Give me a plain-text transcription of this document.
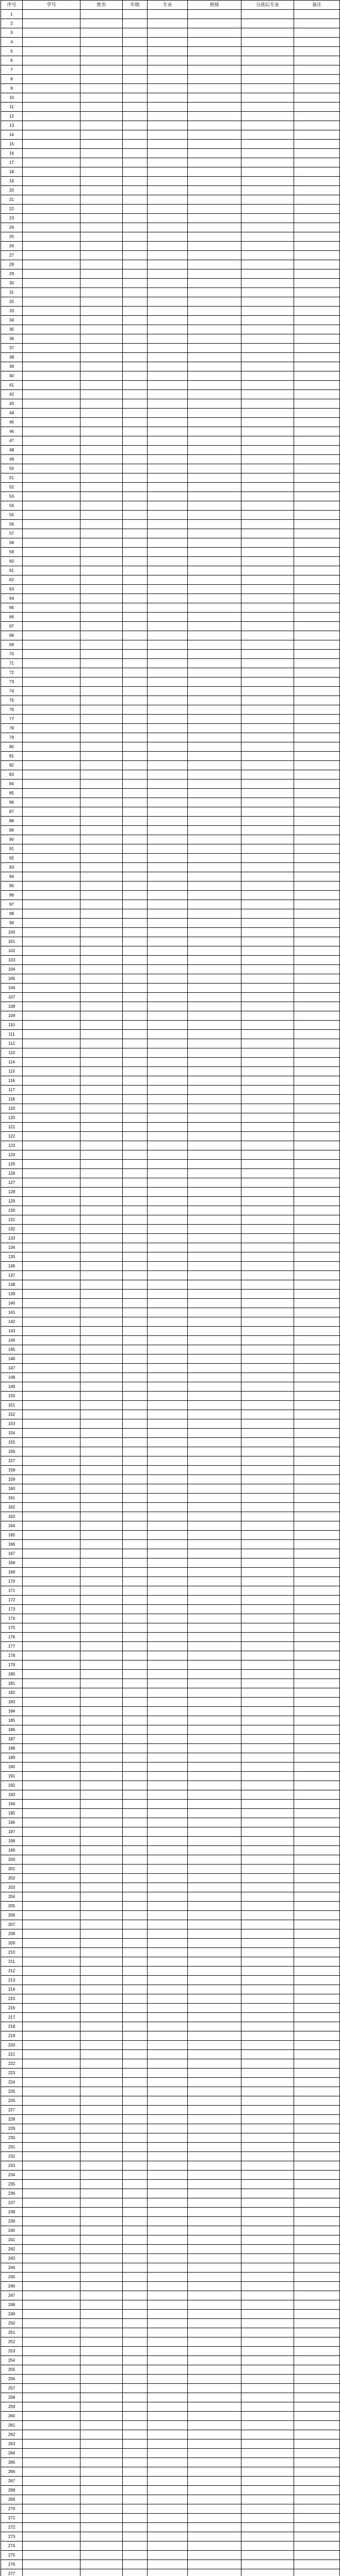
序号	学号	姓名	年级	专业	班级	分流后专业	备注
1							
2							
3							
4							
5							
6							
7							
8							
9							
10							
11							
12							
13							
14							
15							
16							
17							
18							
19							
20							
21							
22							
23							
24							
25							
26							
27							
28							
29							
30							
31							
32							
33							
34							
35							
36							
37							
38							
39							
40							
41							
42							
43							
44							
45							
46							
47							
48							
49							
50							
51							
52							
53							
54							
55							
56							
57							
58							
59							
60							
61							
62							
63							
64							
65							
66							
67							
68							
69							
70							
71							
72							
73							
74							
75							
76							
77							
78							
79							
80							
81							
82							
83							
84							
85							
86							
87							
88							
89							
90							
91							
92							
93							
94							
95							
96							
97							
98							
99							
100							
101							
102							
103							
104							
105							
106							
107							
108							
109							
110							
111							
112							
113							
114							
115							
116							
117							
118							
119							
120							
121							
122							
123							
124							
125							
126							
127							
128							
129							
130							
131							
132							
133							
134							
135							
136							
137							
138							
139							
140							
141							
142							
143							
144							
145							
146							
147							
148							
149							
150							
151							
152							
153							
154							
155							
156							
157							
158							
159							
160							
161							
162							
163							
164							
165							
166							
167							
168							
169							
170							
171							
172							
173							
174							
175							
176							
177							
178							
179							
180							
181							
182							
183							
184							
185							
186							
187							
188							
189							
190							
191							
192							
193							
194							
195							
196							
197							
198							
199							
200							
201							
202							
203							
204							
205							
206							
207							
208							
209							
210							
211							
212							
213							
214							
215							
216							
217							
218							
219							
220							
221							
222							
223							
224							
225							
226							
227							
228							
229							
230							
231							
232							
233							
234							
235							
236							
237							
238							
239							
240							
241							
242							
243							
244							
245							
246							
247							
248							
249							
250							
251							
252							
253							
254							
255							
256							
257							
258							
259							
260							
261							
262							
263							
264							
265							
266							
267							
268							
269							
270							
271							
272							
273							
274							
275							
276							
277							
